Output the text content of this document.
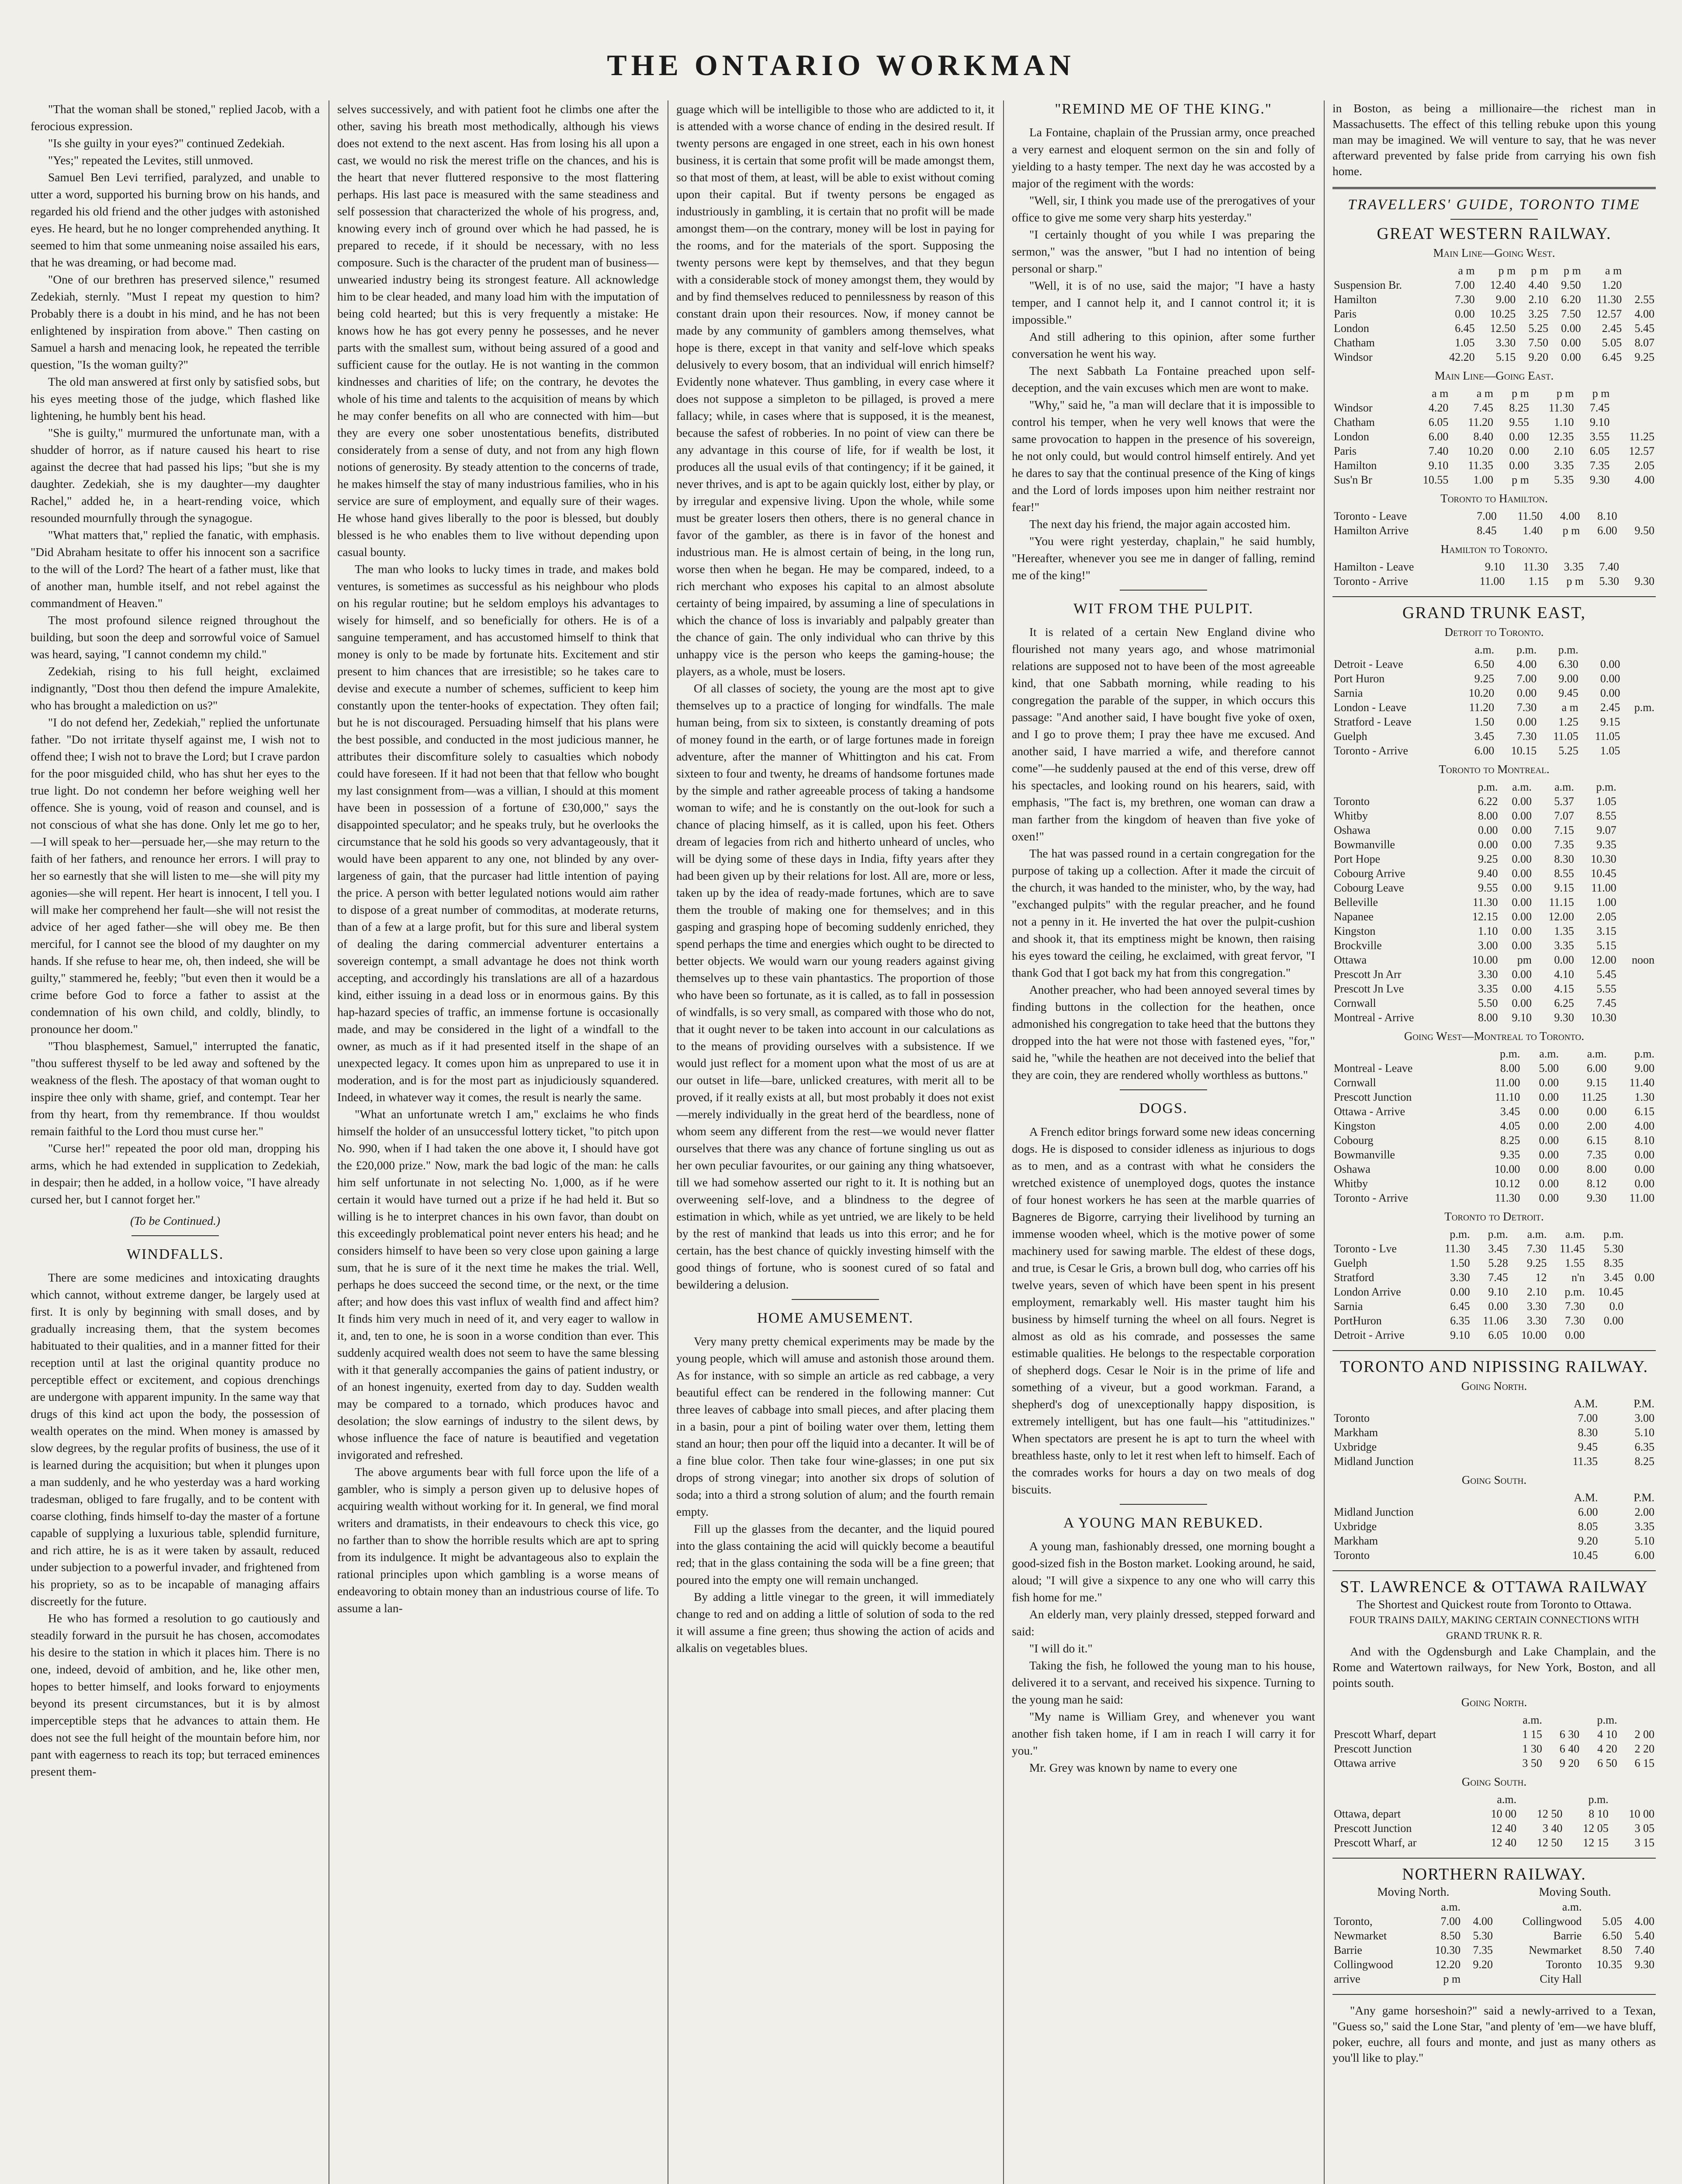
THE ONTARIO WORKMAN

"That the woman shall be stoned," replied Jacob, with a ferocious expression.

"Is she guilty in your eyes?" continued Zedekiah.

"Yes;" repeated the Levites, still unmoved.

Samuel Ben Levi terrified, paralyzed, and unable to utter a word, supported his burning brow on his hands, and regarded his old friend and the other judges with astonished eyes. He heard, but he no longer comprehended anything. It seemed to him that some unmeaning noise assailed his ears, that he was dreaming, or had become mad.

"One of our brethren has preserved silence," resumed Zedekiah, sternly. "Must I repeat my question to him? Probably there is a doubt in his mind, and he has not been enlightened by inspiration from above." Then casting on Samuel a harsh and menacing look, he repeated the terrible question, "Is the woman guilty?"

The old man answered at first only by satisfied sobs, but his eyes meeting those of the judge, which flashed like lightening, he humbly bent his head.

"She is guilty," murmured the unfortunate man, with a shudder of horror, as if nature caused his heart to rise against the decree that had passed his lips; "but she is my daughter. Zedekiah, she is my daughter—my daughter Rachel," added he, in a heart-rending voice, which resounded mournfully through the synagogue.

"What matters that," replied the fanatic, with emphasis. "Did Abraham hesitate to offer his innocent son a sacrifice to the will of the Lord? The heart of a father must, like that of another man, humble itself, and not rebel against the commandment of Heaven."

The most profound silence reigned throughout the building, but soon the deep and sorrowful voice of Samuel was heard, saying, "I cannot condemn my child."

Zedekiah, rising to his full height, exclaimed indignantly, "Dost thou then defend the impure Amalekite, who has brought a malediction on us?"

"I do not defend her, Zedekiah," replied the unfortunate father. "Do not irritate thyself against me, I wish not to offend thee; I wish not to brave the Lord; but I crave pardon for the poor misguided child, who has shut her eyes to the true light. Do not condemn her before weighing well her offence. She is young, void of reason and counsel, and is not conscious of what she has done. Only let me go to her,—I will speak to her—persuade her,—she may return to the faith of her fathers, and renounce her errors. I will pray to her so earnestly that she will listen to me—she will pity my agonies—she will repent. Her heart is innocent, I tell you. I will make her comprehend her fault—she will not resist the advice of her aged father—she will obey me. Be then merciful, for I cannot see the blood of my daughter on my hands. If she refuse to hear me, oh, then indeed, she will be guilty," stammered he, feebly; "but even then it would be a crime before God to force a father to assist at the condemnation of his own child, and coldly, blindly, to pronounce her doom."

"Thou blasphemest, Samuel," interrupted the fanatic, "thou sufferest thyself to be led away and softened by the weakness of the flesh. The apostacy of that woman ought to inspire thee only with shame, grief, and contempt. Tear her from thy heart, from thy remembrance. If thou wouldst remain faithful to the Lord thou must curse her."

"Curse her!" repeated the poor old man, dropping his arms, which he had extended in supplication to Zedekiah, in despair; then he added, in a hollow voice, "I have already cursed her, but I cannot forget her."

(To be Continued.)
WINDFALLS.

There are some medicines and intoxicating draughts which cannot, without extreme danger, be largely used at first. It is only by beginning with small doses, and by gradually increasing them, that the system becomes habituated to their qualities, and in a manner fitted for their reception until at last the original quantity produce no perceptible effect or excitement, and copious drenchings are undergone with apparent impunity. In the same way that drugs of this kind act upon the body, the possession of wealth operates on the mind. When money is amassed by slow degrees, by the regular profits of business, the use of it is learned during the acquisition; but when it plunges upon a man suddenly, and he who yesterday was a hard working tradesman, obliged to fare frugally, and to be content with coarse clothing, finds himself to-day the master of a fortune capable of supplying a luxurious table, splendid furniture, and rich attire, he is as it were taken by assault, reduced under subjection to a powerful invader, and frightened from his propriety, so as to be incapable of managing affairs discreetly for the future.

He who has formed a resolution to go cautiously and steadily forward in the pursuit he has chosen, accomodates his desire to the station in which it places him. There is no one, indeed, devoid of ambition, and he, like other men, hopes to better himself, and looks forward to enjoyments beyond its present circumstances, but it is by almost imperceptible steps that he advances to attain them. He does not see the full height of the mountain before him, nor pant with eagerness to reach its top; but terraced eminences present them-

selves successively, and with patient foot he climbs one after the other, saving his breath most methodically, although his views does not extend to the next ascent. Has from losing his all upon a cast, we would no risk the merest trifle on the chances, and his is the heart that never fluttered responsive to the most flattering perhaps. His last pace is measured with the same steadiness and self possession that characterized the whole of his progress, and, knowing every inch of ground over which he had passed, he is prepared to recede, if it should be necessary, with no less composure. Such is the character of the prudent man of business—unwearied industry being its strongest feature. All acknowledge him to be clear headed, and many load him with the imputation of being cold hearted; but this is very frequently a mistake: He knows how he has got every penny he possesses, and he never parts with the smallest sum, without being assured of a good and sufficient cause for the outlay. He is not wanting in the common kindnesses and charities of life; on the contrary, he devotes the whole of his time and talents to the acquisition of means by which he may confer benefits on all who are connected with him—but they are every one sober unostentatious benefits, distributed considerately from a sense of duty, and not from any high flown notions of generosity. By steady attention to the concerns of trade, he makes himself the stay of many industrious families, who in his service are sure of employment, and equally sure of their wages. He whose hand gives liberally to the poor is blessed, but doubly blessed is he who enables them to live without depending upon casual bounty.

The man who looks to lucky times in trade, and makes bold ventures, is sometimes as successful as his neighbour who plods on his regular routine; but he seldom employs his advantages to wisely for himself, and so beneficially for others. He is of a sanguine temperament, and has accustomed himself to think that money is only to be made by fortunate hits. Excitement and stir present to him chances that are irresistible; so he takes care to devise and execute a number of schemes, sufficient to keep him constantly upon the tenter-hooks of expectation. They often fail; but he is not discouraged. Persuading himself that his plans were the best possible, and conducted in the most judicious manner, he attributes their discomfiture solely to casualties which nobody could have foreseen. If it had not been that that fellow who bought my last consignment from—was a villian, I should at this moment have been in possession of a fortune of £30,000," says the disappointed speculator; and he speaks truly, but he overlooks the circumstance that he sold his goods so very advantageously, that it would have been apparent to any one, not blinded by any over-largeness of gain, that the purcaser had little intention of paying the price. A person with better legulated notions would aim rather to dispose of a great number of commoditas, at moderate returns, than of a few at a large profit, but for this sure and liberal system of dealing the daring commercial adventurer entertains a sovereign contempt, a small advantage he does not think worth accepting, and accordingly his translations are all of a hazardous kind, either issuing in a dead loss or in enormous gains. By this hap-hazard species of traffic, an immense fortune is occasionally made, and may be considered in the light of a windfall to the owner, as much as if it had presented itself in the shape of an unexpected legacy. It comes upon him as unprepared to use it in moderation, and is for the most part as injudiciously squandered. Indeed, in whatever way it comes, the result is nearly the same.

"What an unfortunate wretch I am," exclaims he who finds himself the holder of an unsuccessful lottery ticket, "to pitch upon No. 990, when if I had taken the one above it, I should have got the £20,000 prize." Now, mark the bad logic of the man: he calls him self unfortunate in not selecting No. 1,000, as if he were certain it would have turned out a prize if he had held it. But so willing is he to interpret chances in his own favor, than doubt on this exceedingly problematical point never enters his head; and he considers himself to have been so very close upon gaining a large sum, that he is sure of it the next time he makes the trial. Well, perhaps he does succeed the second time, or the next, or the time after; and how does this vast influx of wealth find and affect him? It finds him very much in need of it, and very eager to wallow in it, and, ten to one, he is soon in a worse condition than ever. This suddenly acquired wealth does not seem to have the same blessing with it that generally accompanies the gains of patient industry, or of an honest ingenuity, exerted from day to day. Sudden wealth may be compared to a tornado, which produces havoc and desolation; the slow earnings of industry to the silent dews, by whose influence the face of nature is beautified and vegetation invigorated and refreshed.

The above arguments bear with full force upon the life of a gambler, who is simply a person given up to delusive hopes of acquiring wealth without working for it. In general, we find moral writers and dramatists, in their endeavours to check this vice, go no farther than to show the horrible results which are apt to spring from its indulgence. It might be advantageous also to explain the rational principles upon which gambling is a worse means of endeavoring to obtain money than an industrious course of life. To assume a lan-

guage which will be intelligible to those who are addicted to it, it is attended with a worse chance of ending in the desired result. If twenty persons are engaged in one street, each in his own honest business, it is certain that some profit will be made amongst them, so that most of them, at least, will be able to exist without coming upon their capital. But if twenty persons be engaged as industriously in gambling, it is certain that no profit will be made amongst them—on the contrary, money will be lost in paying for the rooms, and for the materials of the sport. Supposing the twenty persons were kept by themselves, and that they begun with a considerable stock of money amongst them, they would by and by find themselves reduced to pennilessness by reason of this constant drain upon their resources. Now, if money cannot be made by any community of gamblers among themselves, what hope is there, except in that vanity and self-love which speaks delusively to every bosom, that an individual will enrich himself? Evidently none whatever. Thus gambling, in every case where it does not suppose a simpleton to be pillaged, is proved a mere fallacy; while, in cases where that is supposed, it is the meanest, because the safest of robberies. In no point of view can there be any advantage in this course of life, for if wealth be lost, it produces all the usual evils of that contingency; if it be gained, it never thrives, and is apt to be again quickly lost, either by play, or by irregular and expensive living. Upon the whole, while some must be greater losers then others, there is no general chance in favor of the gambler, as there is in favor of the honest and industrious man. He is almost certain of being, in the long run, worse then when he began. He may be compared, indeed, to a rich merchant who exposes his capital to an almost absolute certainty of being impaired, by assuming a line of speculations in which the chance of loss is invariably and palpably greater than the chance of gain. The only individual who can thrive by this unhappy vice is the person who keeps the gaming-house; the players, as a whole, must be losers.

Of all classes of society, the young are the most apt to give themselves up to a practice of longing for windfalls. The male human being, from six to sixteen, is constantly dreaming of pots of money found in the earth, or of large fortunes made in foreign adventure, after the manner of Whittington and his cat. From sixteen to four and twenty, he dreams of handsome fortunes made by the simple and rather agreeable process of taking a handsome woman to wife; and he is constantly on the out-look for such a chance of placing himself, as it is called, upon his feet. Others dream of legacies from rich and hitherto unheard of uncles, who will be dying some of these days in India, fifty years after they had been given up by their relations for lost. All are, more or less, taken up by the idea of ready-made fortunes, which are to save them the trouble of making one for themselves; and in this gasping and grasping hope of becoming suddenly enriched, they spend perhaps the time and energies which ought to be directed to better objects. We would warn our young readers against giving themselves up to these vain phantastics. The proportion of those who have been so fortunate, as it is called, as to fall in possession of windfalls, is so very small, as compared with those who do not, that it ought never to be taken into account in our calculations as to the means of providing ourselves with a subsistence. If we would just reflect for a moment upon what the most of us are at our outset in life—bare, unlicked creatures, with merit all to be proved, if it really exists at all, but most probably it does not exist—merely individually in the great herd of the beardless, none of whom seem any different from the rest—we would never flatter ourselves that there was any chance of fortune singling us out as her own peculiar favourites, or our gaining any thing whatsoever, till we had somehow asserted our right to it. It is nothing but an overweening self-love, and a blindness to the degree of estimation in which, while as yet untried, we are likely to be held by the rest of mankind that leads us into this error; and he for certain, has the best chance of quickly investing himself with the good things of fortune, who is soonest cured of so fatal and bewildering a delusion.

HOME AMUSEMENT.

Very many pretty chemical experiments may be made by the young people, which will amuse and astonish those around them. As for instance, with so simple an article as red cabbage, a very beautiful effect can be rendered in the following manner: Cut three leaves of cabbage into small pieces, and after placing them in a basin, pour a pint of boiling water over them, letting them stand an hour; then pour off the liquid into a decanter. It will be of a fine blue color. Then take four wine-glasses; in one put six drops of strong vinegar; into another six drops of solution of soda; into a third a strong solution of alum; and the fourth remain empty.

Fill up the glasses from the decanter, and the liquid poured into the glass containing the acid will quickly become a beautiful red; that in the glass containing the soda will be a fine green; that poured into the empty one will remain unchanged.

By adding a little vinegar to the green, it will immediately change to red and on adding a little of solution of soda to the red it will assume a fine green; thus showing the action of acids and alkalis on vegetables blues.

"REMIND ME OF THE KING."

La Fontaine, chaplain of the Prussian army, once preached a very earnest and eloquent sermon on the sin and folly of yielding to a hasty temper. The next day he was accosted by a major of the regiment with the words:

"Well, sir, I think you made use of the prerogatives of your office to give me some very sharp hits yesterday."

"I certainly thought of you while I was preparing the sermon," was the answer, "but I had no intention of being personal or sharp."

"Well, it is of no use, said the major; "I have a hasty temper, and I cannot help it, and I cannot control it; it is impossible."

And still adhering to this opinion, after some further conversation he went his way.

The next Sabbath La Fontaine preached upon self-deception, and the vain excuses which men are wont to make.

"Why," said he, "a man will declare that it is impossible to control his temper, when he very well knows that were the same provocation to happen in the presence of his sovereign, he not only could, but would control himself entirely. And yet he dares to say that the continual presence of the King of kings and the Lord of lords imposes upon him neither restraint nor fear!"

The next day his friend, the major again accosted him.

"You were right yesterday, chaplain," he said humbly, "Hereafter, whenever you see me in danger of falling, remind me of the king!"

WIT FROM THE PULPIT.

It is related of a certain New England divine who flourished not many years ago, and whose matrimonial relations are supposed not to have been of the most agreeable kind, that one Sabbath morning, while reading to his congregation the parable of the supper, in which occurs this passage: "And another said, I have bought five yoke of oxen, and I go to prove them; I pray thee have me excused. And another said, I have married a wife, and therefore cannot come"—he suddenly paused at the end of this verse, drew off his spectacles, and looking round on his hearers, said, with emphasis, "The fact is, my brethren, one woman can draw a man farther from the kingdom of heaven than five yoke of oxen!"

The hat was passed round in a certain congregation for the purpose of taking up a collection. After it made the circuit of the church, it was handed to the minister, who, by the way, had "exchanged pulpits" with the regular preacher, and he found not a penny in it. He inverted the hat over the pulpit-cushion and shook it, that its emptiness might be known, then raising his eyes toward the ceiling, he exclaimed, with great fervor, "I thank God that I got back my hat from this congregation."

Another preacher, who had been annoyed several times by finding buttons in the collection for the heathen, once admonished his congregation to take heed that the buttons they dropped into the hat were not those with fastened eyes, "for," said he, "while the heathen are not deceived into the belief that they are coin, they are rendered wholly worthless as buttons."

DOGS.

A French editor brings forward some new ideas concerning dogs. He is disposed to consider idleness as injurious to dogs as to men, and as a contrast with what he considers the wretched existence of unemployed dogs, quotes the instance of four honest workers he has seen at the marble quarries of Bagneres de Bigorre, carrying their livelihood by turning an immense wooden wheel, which is the motive power of some machinery used for sawing marble. The eldest of these dogs, and true, is Cesar le Gris, a brown bull dog, who carries off his twelve years, seven of which have been spent in his present employment, remarkably well. His master taught him his business by himself turning the wheel on all fours. Negret is almost as old as his comrade, and possesses the same estimable qualities. He belongs to the respectable corporation of shepherd dogs. Cesar le Noir is in the prime of life and something of a viveur, but a good workman. Farand, a shepherd's dog of unexceptionally happy disposition, is extremely intelligent, but has one fault—his "attitudinizes." When spectators are present he is apt to turn the wheel with breathless haste, only to let it rest when left to himself. Each of the comrades works for hours a day on two meals of dog biscuits.

A YOUNG MAN REBUKED.

A young man, fashionably dressed, one morning bought a good-sized fish in the Boston market. Looking around, he said, aloud; "I will give a sixpence to any one who will carry this fish home for me."

An elderly man, very plainly dressed, stepped forward and said:

"I will do it."

Taking the fish, he followed the young man to his house, delivered it to a servant, and received his sixpence. Turning to the young man he said:

"My name is William Grey, and whenever you want another fish taken home, if I am in reach I will carry it for you."

Mr. Grey was known by name to every one

in Boston, as being a millionaire—the richest man in Massachusetts. The effect of this telling rebuke upon this young man may be imagined. We will venture to say, that he was never afterward prevented by false pride from carrying his own fish home.

TRAVELLERS' GUIDE, TORONTO TIME
GREAT WESTERN RAILWAY.
Main Line—Going West.
	a m	p m	p m	p m	a m	
Suspension Br.	7.00	12.40	4.40	9.50	1.20	
Hamilton	7.30	9.00	2.10	6.20	11.30	2.55
Paris	0.00	10.25	3.25	7.50	12.57	4.00
London	6.45	12.50	5.25	0.00	2.45	5.45
Chatham	1.05	3.30	7.50	0.00	5.05	8.07
Windsor	42.20	5.15	9.20	0.00	6.45	9.25
Main Line—Going East.
	a m	a m	p m	p m	p m	
Windsor	4.20	7.45	8.25	11.30	7.45	
Chatham	6.05	11.20	9.55	1.10	9.10	
London	6.00	8.40	0.00	12.35	3.55	11.25
Paris	7.40	10.20	0.00	2.10	6.05	12.57
Hamilton	9.10	11.35	0.00	3.35	7.35	2.05
Sus'n Br	10.55	1.00	p m	5.35	9.30	4.00
Toronto to Hamilton.
Toronto - Leave	7.00	11.50	4.00	8.10	
Hamilton Arrive	8.45	1.40	p m	6.00	9.50
Hamilton to Toronto.
Hamilton - Leave	9.10	11.30	3.35	7.40	
Toronto - Arrive	11.00	1.15	p m	5.30	9.30
GRAND TRUNK EAST,
Detroit to Toronto.
	a.m.	p.m.	p.m.		
Detroit - Leave	6.50	4.00	6.30	0.00	
Port Huron	9.25	7.00	9.00	0.00	
Sarnia	10.20	0.00	9.45	0.00	
London - Leave	11.20	7.30	a m	2.45	p.m.
Stratford - Leave	1.50	0.00	1.25	9.15	
Guelph	3.45	7.30	11.05	11.05	
Toronto - Arrive	6.00	10.15	5.25	1.05	
Toronto to Montreal.
	p.m.	a.m.	a.m.	p.m.	
Toronto	6.22	0.00	5.37	1.05	
Whitby	8.00	0.00	7.07	8.55	
Oshawa	0.00	0.00	7.15	9.07	
Bowmanville	0.00	0.00	7.35	9.35	
Port Hope	9.25	0.00	8.30	10.30	
Cobourg Arrive	9.40	0.00	8.55	10.45	
Cobourg Leave	9.55	0.00	9.15	11.00	
Belleville	11.30	0.00	11.15	1.00	
Napanee	12.15	0.00	12.00	2.05	
Kingston	1.10	0.00	1.35	3.15	
Brockville	3.00	0.00	3.35	5.15	
Ottawa	10.00	pm	0.00	12.00	noon
Prescott Jn Arr	3.30	0.00	4.10	5.45	
Prescott Jn Lve	3.35	0.00	4.15	5.55	
Cornwall	5.50	0.00	6.25	7.45	
Montreal - Arrive	8.00	9.10	9.30	10.30	
Going West—Montreal to Toronto.
	p.m.	a.m.	a.m.	p.m.
Montreal - Leave	8.00	5.00	6.00	9.00
Cornwall	11.00	0.00	9.15	11.40
Prescott Junction	11.10	0.00	11.25	1.30
Ottawa - Arrive	3.45	0.00	0.00	6.15
Kingston	4.05	0.00	2.00	4.00
Cobourg	8.25	0.00	6.15	8.10
Bowmanville	9.35	0.00	7.35	0.00
Oshawa	10.00	0.00	8.00	0.00
Whitby	10.12	0.00	8.12	0.00
Toronto - Arrive	11.30	0.00	9.30	11.00
Toronto to Detroit.
	p.m.	p.m.	a.m.	a.m.	p.m.	
Toronto - Lve	11.30	3.45	7.30	11.45	5.30	
Guelph	1.50	5.28	9.25	1.55	8.35	
Stratford	3.30	7.45	12	n'n	3.45	0.00
London Arrive	0.00	9.10	2.10	p.m.	10.45	
Sarnia	6.45	0.00	3.30	7.30	0.0	
PortHuron	6.35	11.06	3.30	7.30	0.00	
Detroit - Arrive	9.10	6.05	10.00	0.00		
TORONTO AND NIPISSING RAILWAY.
Going North.
	A.M.	P.M.
Toronto	7.00	3.00
Markham	8.30	5.10
Uxbridge	9.45	6.35
Midland Junction	11.35	8.25
Going South.
	A.M.	P.M.
Midland Junction	6.00	2.00
Uxbridge	8.05	3.35
Markham	9.20	5.10
Toronto	10.45	6.00
ST. LAWRENCE & OTTAWA RAILWAY
The Shortest and Quickest route from Toronto to Ottawa.
FOUR TRAINS DAILY, MAKING CERTAIN CONNECTIONS WITH GRAND TRUNK R. R.

And with the Ogdensburgh and Lake Champlain, and the Rome and Watertown railways, for New York, Boston, and all points south.

Going North.
	a.m.		p.m.	
Prescott Wharf, depart	1 15	6 30	4 10	2 00
Prescott Junction	1 30	6 40	4 20	2 20
Ottawa arrive	3 50	9 20	6 50	6 15
Going South.
	a.m.		p.m.	
Ottawa, depart	10 00	12 50	8 10	10 00
Prescott Junction	12 40	3 40	12 05	3 05
Prescott Wharf, ar	12 40	12 50	12 15	3 15
NORTHERN RAILWAY.
Moving North.	Moving South.
	a.m.		a.m.		
Toronto,	7.00	4.00	Collingwood	5.05	4.00
Newmarket	8.50	5.30	Barrie	6.50	5.40
Barrie	10.30	7.35	Newmarket	8.50	7.40
Collingwood	12.20	9.20	Toronto	10.35	9.30
arrive	p m		City Hall		

"Any game horseshoin?" said a newly-arrived to a Texan, "Guess so," said the Lone Star, "and plenty of 'em—we have bluff, poker, euchre, all fours and monte, and just as many others as you'll like to play."
